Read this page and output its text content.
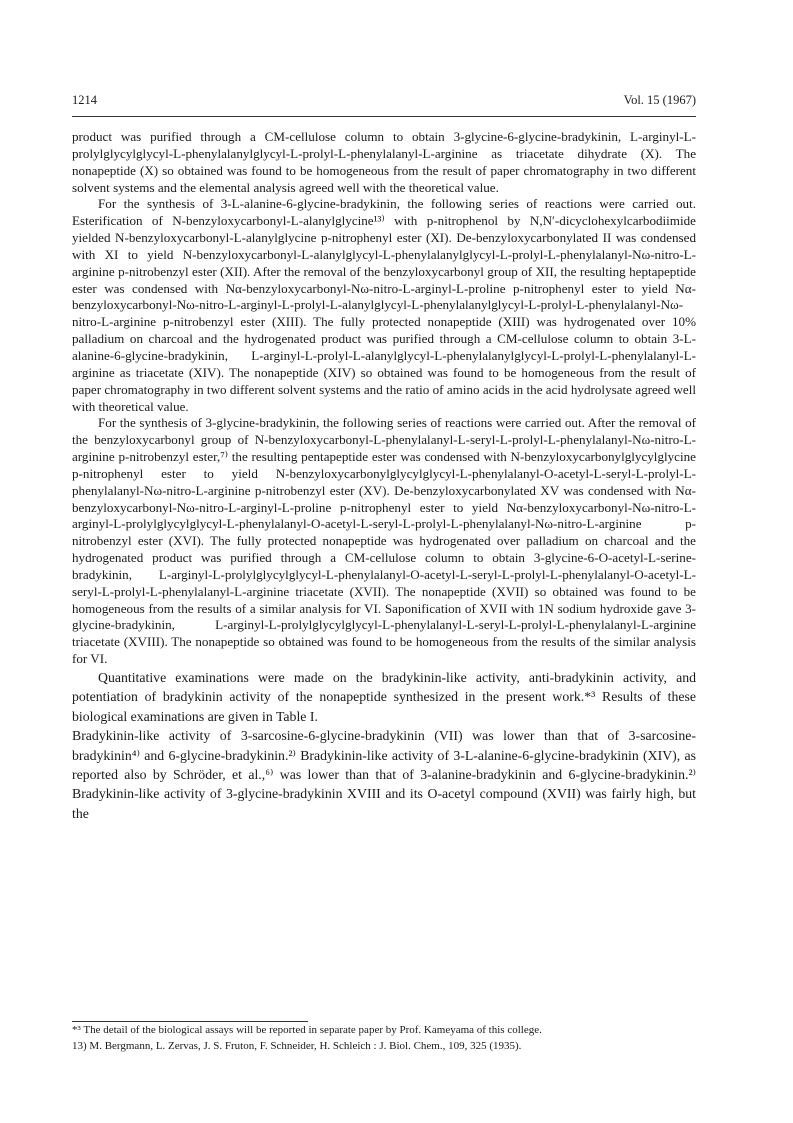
1214	Vol. 15 (1967)

product was purified through a CM-cellulose column to obtain 3-glycine-6-glycine-bradykinin, L-arginyl-L-prolylglycylglycyl-L-phenylalanylglycyl-L-prolyl-L-phenylalanyl-L-arginine as triacetate dihydrate (X). The nonapeptide (X) so obtained was found to be homogeneous from the result of paper chromatography in two different solvent systems and the elemental analysis agreed well with the theoretical value.

For the synthesis of 3-L-alanine-6-glycine-bradykinin, the following series of reactions were carried out. Esterification of N-benzyloxycarbonyl-L-alanylglycine¹³⁾ with p-nitrophenol by N,N′-dicyclohexylcarbodiimide yielded N-benzyloxycarbonyl-L-alanylglycine p-nitrophenyl ester (XI). De-benzyloxycarbonylated II was condensed with XI to yield N-benzyloxycarbonyl-L-alanylglycyl-L-phenylalanylglycyl-L-prolyl-L-phenylalanyl-Nω-nitro-L-arginine p-nitrobenzyl ester (XII). After the removal of the benzyloxycarbonyl group of XII, the resulting heptapeptide ester was condensed with Nα-benzyloxycarbonyl-Nω-nitro-L-arginyl-L-proline p-nitrophenyl ester to yield Nα-benzyloxycarbonyl-Nω-nitro-L-arginyl-L-prolyl-L-alanylglycyl-L-phenylalanylglycyl-L-prolyl-L-phenylalanyl-Nω-nitro-L-arginine p-nitrobenzyl ester (XIII). The fully protected nonapeptide (XIII) was hydrogenated over 10% palladium on charcoal and the hydrogenated product was purified through a CM-cellulose column to obtain 3-L-alanine-6-glycine-bradykinin, L-arginyl-L-prolyl-L-alanylglycyl-L-phenylalanylglycyl-L-prolyl-L-phenylalanyl-L-arginine as triacetate (XIV). The nonapeptide (XIV) so obtained was found to be homogeneous from the result of paper chromatography in two different solvent systems and the ratio of amino acids in the acid hydrolysate agreed well with theoretical value.

For the synthesis of 3-glycine-bradykinin, the following series of reactions were carried out. After the removal of the benzyloxycarbonyl group of N-benzyloxycarbonyl-L-phenylalanyl-L-seryl-L-prolyl-L-phenylalanyl-Nω-nitro-L-arginine p-nitrobenzyl ester,⁷⁾ the resulting pentapeptide ester was condensed with N-benzyloxycarbonylglycylglycine p-nitrophenyl ester to yield N-benzyloxycarbonylglycylglycyl-L-phenylalanyl-O-acetyl-L-seryl-L-prolyl-L-phenylalanyl-Nω-nitro-L-arginine p-nitrobenzyl ester (XV). De-benzyloxycarbonylated XV was condensed with Nα-benzyloxycarbonyl-Nω-nitro-L-arginyl-L-proline p-nitrophenyl ester to yield Nα-benzyloxycarbonyl-Nω-nitro-L-arginyl-L-prolylglycylglycyl-L-phenylalanyl-O-acetyl-L-seryl-L-prolyl-L-phenylalanyl-Nω-nitro-L-arginine p-nitrobenzyl ester (XVI). The fully protected nonapeptide was hydrogenated over palladium on charcoal and the hydrogenated product was purified through a CM-cellulose column to obtain 3-glycine-6-O-acetyl-L-serine-bradykinin, L-arginyl-L-prolylglycylglycyl-L-phenylalanyl-O-acetyl-L-seryl-L-prolyl-L-phenylalanyl-O-acetyl-L-seryl-L-prolyl-L-phenylalanyl-L-arginine triacetate (XVII). The nonapeptide (XVII) so obtained was found to be homogeneous from the results of a similar analysis for VI. Saponification of XVII with 1N sodium hydroxide gave 3-glycine-bradykinin, L-arginyl-L-prolylglycylglycyl-L-phenylalanyl-L-seryl-L-prolyl-L-phenylalanyl-L-arginine triacetate (XVIII). The nonapeptide so obtained was found to be homogeneous from the results of the similar analysis for VI.

Quantitative examinations were made on the bradykinin-like activity, anti-bradykinin activity, and potentiation of bradykinin activity of the nonapeptide synthesized in the present work.*³ Results of these biological examinations are given in Table I.

Bradykinin-like activity of 3-sarcosine-6-glycine-bradykinin (VII) was lower than that of 3-sarcosine-bradykinin⁴⁾ and 6-glycine-bradykinin.²⁾ Bradykinin-like activity of 3-L-alanine-6-glycine-bradykinin (XIV), as reported also by Schröder, et al.,⁶⁾ was lower than that of 3-alanine-bradykinin and 6-glycine-bradykinin.²⁾ Bradykinin-like activity of 3-glycine-bradykinin XVIII and its O-acetyl compound (XVII) was fairly high, but the

*³ The detail of the biological assays will be reported in separate paper by Prof. Kameyama of this college.
13) M. Bergmann, L. Zervas, J. S. Fruton, F. Schneider, H. Schleich : J. Biol. Chem., 109, 325 (1935).
